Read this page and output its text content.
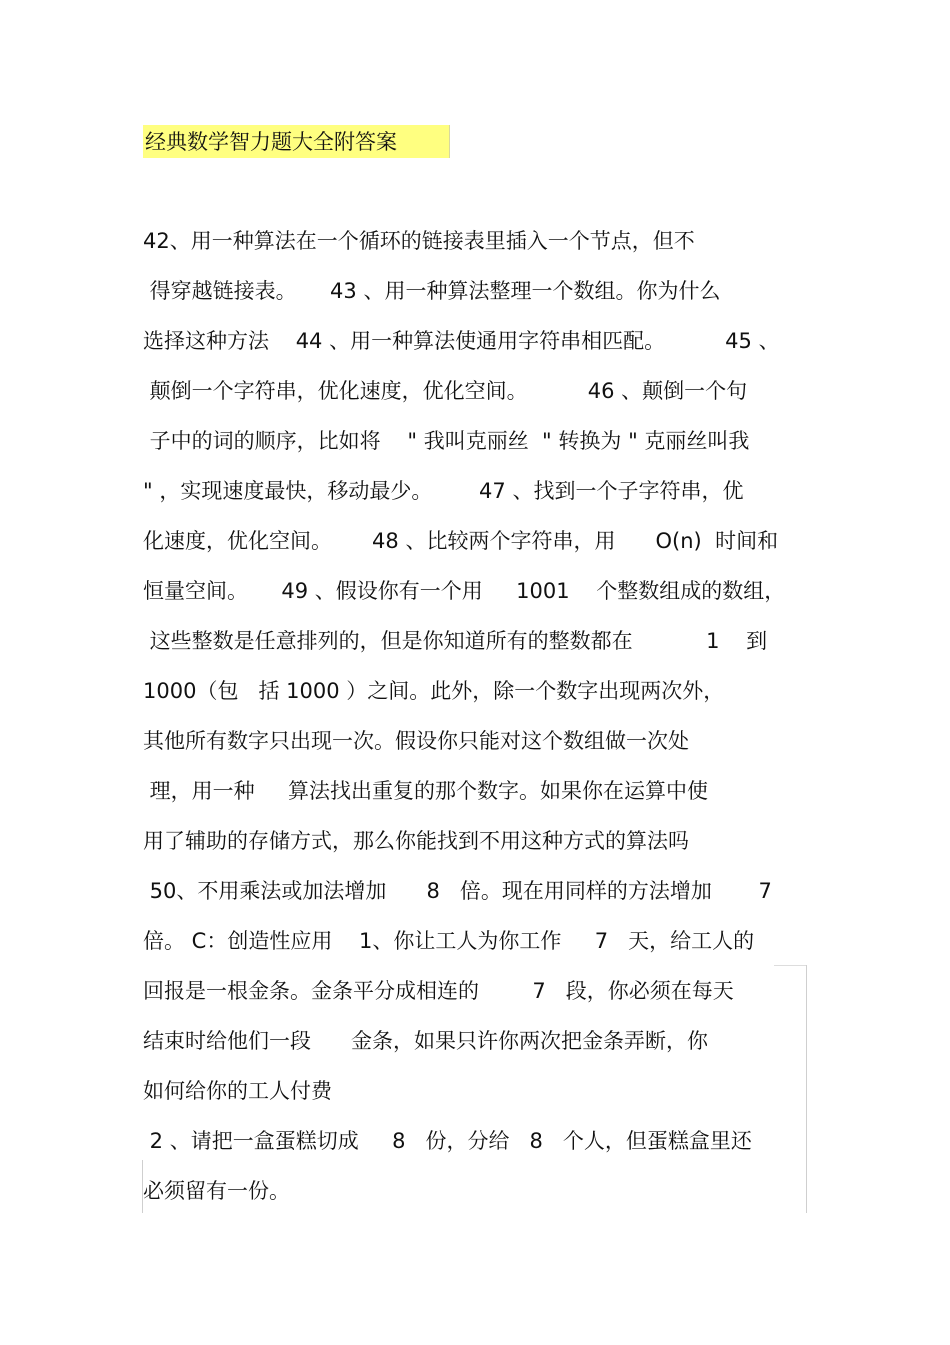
经典数学智力题大全附答案
42、用一种算法在一个循环的链接表里插入一个节点，但不
得穿越链接表。     43 、用一种算法整理一个数组。你为什么
选择这种方法    44 、用一种算法使通用字符串相匹配。         45 、
颠倒一个字符串，优化速度，优化空间。         46 、颠倒一个句
子中的词的顺序，比如将    " 我叫克丽丝  " 转换为 " 克丽丝叫我
" ，实现速度最快，移动最少。       47 、找到一个子字符串，优
化速度，优化空间。      48 、比较两个字符串，用      O(n)  时间和
恒量空间。     49 、假设你有一个用     1001    个整数组成的数组，
这些整数是任意排列的，但是你知道所有的整数都在           1    到
1000（包   括 1000 ）之间。此外，除一个数字出现两次外，
其他所有数字只出现一次。假设你只能对这个数组做一次处
理，用一种     算法找出重复的那个数字。如果你在运算中使
用了辅助的存储方式，那么你能找到不用这种方式的算法吗
50、不用乘法或加法增加      8   倍。现在用同样的方法增加       7
倍。 C：创造性应用    1、你让工人为你工作     7   天，给工人的
回报是一根金条。金条平分成相连的        7   段，你必须在每天
结束时给他们一段      金条，如果只许你两次把金条弄断，你
如何给你的工人付费
2 、请把一盒蛋糕切成     8   份，分给   8   个人，但蛋糕盒里还
必须留有一份。
